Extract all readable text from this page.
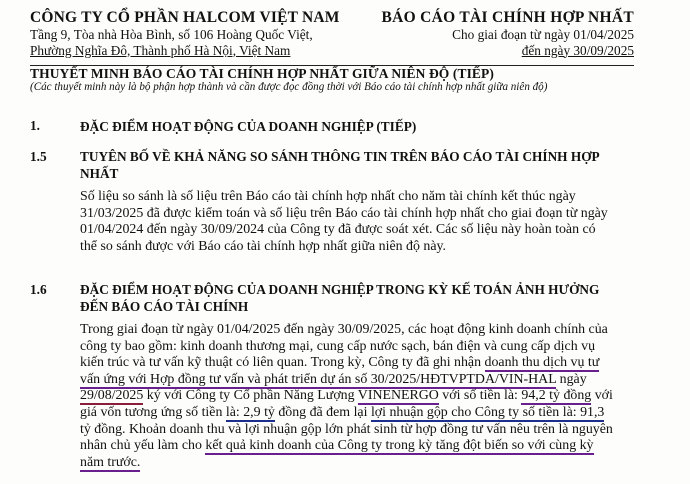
CÔNG TY CỔ PHẦN HALCOM VIỆT NAM
Tầng 9, Tòa nhà Hòa Bình, số 106 Hoàng Quốc Việt,
Phường Nghĩa Đô, Thành phố Hà Nội, Việt Nam
BÁO CÁO TÀI CHÍNH HỢP NHẤT
Cho giai đoạn từ ngày 01/04/2025
đến ngày 30/09/2025
THUYẾT MINH BÁO CÁO TÀI CHÍNH HỢP NHẤT GIỮA NIÊN ĐỘ (TIẾP)
(Các thuyết minh này là bộ phận hợp thành và cần được đọc đồng thời với Báo cáo tài chính hợp nhất giữa niên độ)
1.	ĐẶC ĐIỂM HOẠT ĐỘNG CỦA DOANH NGHIỆP (TIẾP)
1.5	TUYÊN BỐ VỀ KHẢ NĂNG SO SÁNH THÔNG TIN TRÊN BÁO CÁO TÀI CHÍNH HỢP
NHẤT
Số liệu so sánh là số liệu trên Báo cáo tài chính hợp nhất cho năm tài chính kết thúc ngày
31/03/2025 đã được kiểm toán và số liệu trên Báo cáo tài chính hợp nhất cho giai đoạn từ ngày
01/04/2024 đến ngày 30/09/2024 của Công ty đã được soát xét. Các số liệu này hoàn toàn có
thể so sánh được với Báo cáo tài chính hợp nhất giữa niên độ này.
1.6	ĐẶC ĐIỂM HOẠT ĐỘNG CỦA DOANH NGHIỆP TRONG KỲ KẾ TOÁN ẢNH HƯỞNG
ĐẾN BÁO CÁO TÀI CHÍNH
Trong giai đoạn từ ngày 01/04/2025 đến ngày 30/09/2025, các hoạt động kinh doanh chính của
công ty bao gồm: kinh doanh thương mại, cung cấp nước sạch, bán điện và cung cấp dịch vụ
kiến trúc và tư vấn kỹ thuật có liên quan. Trong kỳ, Công ty đã ghi nhận doanh thu dịch vụ tư
vấn ứng với Hợp đồng tư vấn và phát triển dự án số 30/2025/HĐTVPTDA/VIN-HAL ngày
29/08/2025 ký với Công ty Cổ phần Năng Lượng VINENERGO với số tiền là: 94,2 tỷ đồng với
giá vốn tương ứng số tiền là: 2,9 tỷ đồng đã đem lại lợi nhuận gộp cho Công ty số tiền là: 91,3
tỷ đồng. Khoản doanh thu và lợi nhuận gộp lớn phát sinh từ hợp đồng tư vấn nêu trên là nguyên
nhân chủ yếu làm cho kết quả kinh doanh của Công ty trong kỳ tăng đột biến so với cùng kỳ
năm trước.
